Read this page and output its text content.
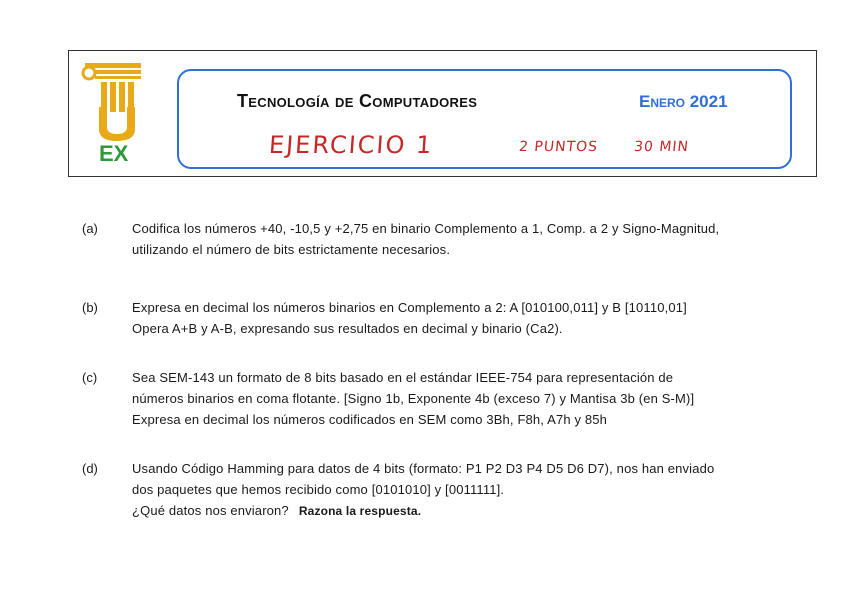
EX
Tecnología de Computadores	Enero 2021
EJERCICIO 1	2 PUNTOS 30 MIN
(a)	Codifica los números +40, -10,5 y +2,75 en binario Complemento a 1, Comp. a 2 y Signo-Magnitud,
utilizando el número de bits estrictamente necesarios.
(b)	Expresa en decimal los números binarios en Complemento a 2: A [010100,011] y B [10110,01]
Opera A+B y A-B, expresando sus resultados en decimal y binario (Ca2).
(c)	Sea SEM-143 un formato de 8 bits basado en el estándar IEEE-754 para representación de
números binarios en coma flotante. [Signo 1b, Exponente 4b (exceso 7) y Mantisa 3b (en S-M)]
Expresa en decimal los números codificados en SEM como 3Bh, F8h, A7h y 85h
(d)	Usando Código Hamming para datos de 4 bits (formato: P1 P2 D3 P4 D5 D6 D7), nos han enviado
dos paquetes que hemos recibido como [0101010] y [0011111].
¿Qué datos nos enviaron? Razona la respuesta.
